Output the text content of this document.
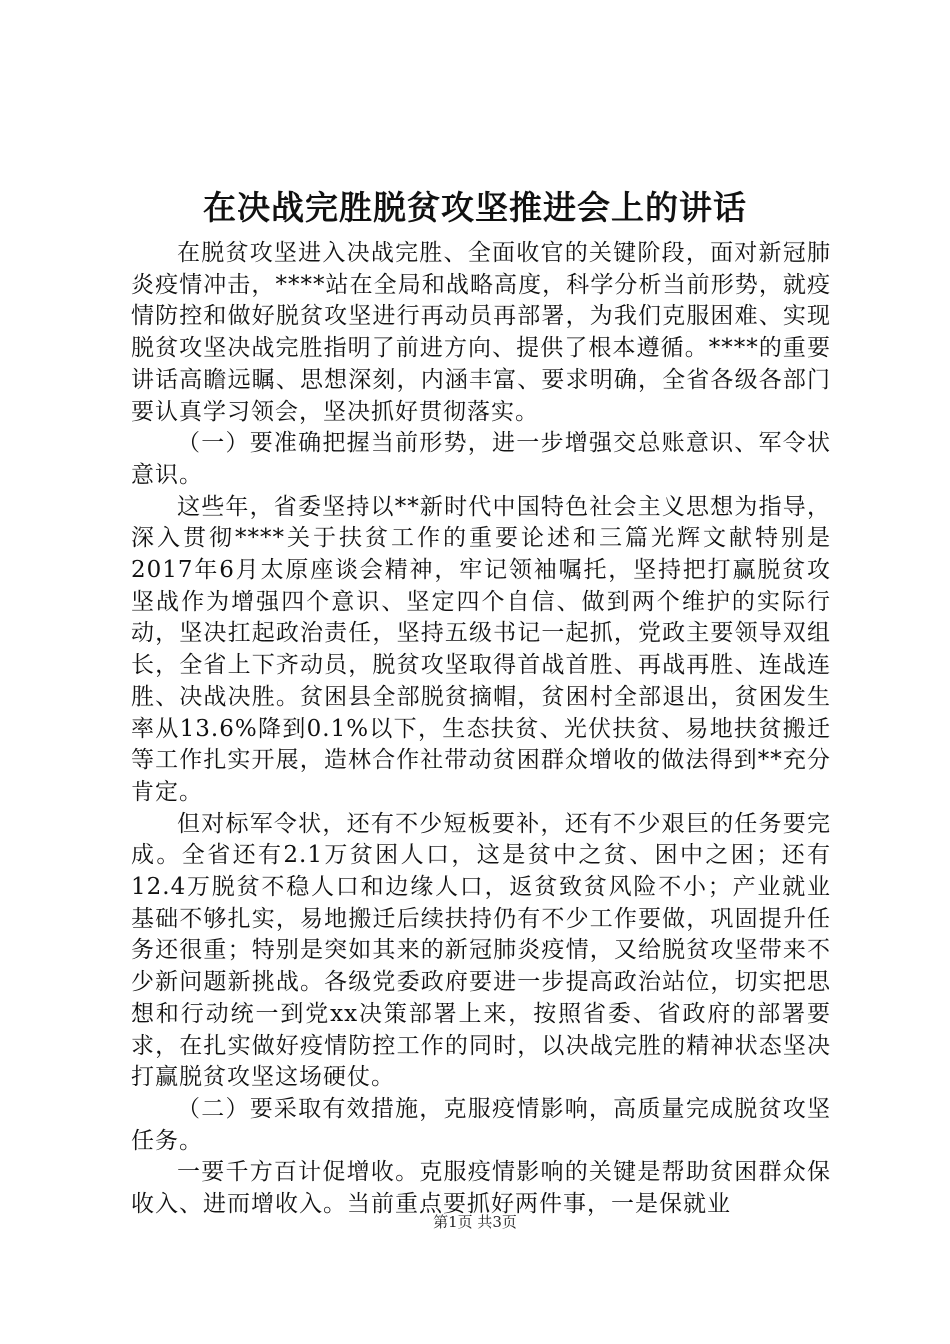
在决战完胜脱贫攻坚推进会上的讲话

在脱贫攻坚进入决战完胜、全面收官的关键阶段，面对新冠肺炎疫情冲击，****站在全局和战略高度，科学分析当前形势，就疫情防控和做好脱贫攻坚进行再动员再部署，为我们克服困难、实现脱贫攻坚决战完胜指明了前进方向、提供了根本遵循。****的重要讲话高瞻远瞩、思想深刻，内涵丰富、要求明确，全省各级各部门要认真学习领会，坚决抓好贯彻落实。

（一）要准确把握当前形势，进一步增强交总账意识、军令状意识。

这些年，省委坚持以**新时代中国特色社会主义思想为指导，深入贯彻****关于扶贫工作的重要论述和三篇光辉文献特别是2017年6月太原座谈会精神，牢记领袖嘱托，坚持把打赢脱贫攻坚战作为增强四个意识、坚定四个自信、做到两个维护的实际行动，坚决扛起政治责任，坚持五级书记一起抓，党政主要领导双组长，全省上下齐动员，脱贫攻坚取得首战首胜、再战再胜、连战连胜、决战决胜。贫困县全部脱贫摘帽，贫困村全部退出，贫困发生率从13.6%降到0.1%以下，生态扶贫、光伏扶贫、易地扶贫搬迁等工作扎实开展，造林合作社带动贫困群众增收的做法得到**充分肯定。

但对标军令状，还有不少短板要补，还有不少艰巨的任务要完成。全省还有2.1万贫困人口，这是贫中之贫、困中之困；还有12.4万脱贫不稳人口和边缘人口，返贫致贫风险不小；产业就业基础不够扎实，易地搬迁后续扶持仍有不少工作要做，巩固提升任务还很重；特别是突如其来的新冠肺炎疫情，又给脱贫攻坚带来不少新问题新挑战。各级党委政府要进一步提高政治站位，切实把思想和行动统一到党xx决策部署上来，按照省委、省政府的部署要求，在扎实做好疫情防控工作的同时，以决战完胜的精神状态坚决打赢脱贫攻坚这场硬仗。

（二）要采取有效措施，克服疫情影响，高质量完成脱贫攻坚任务。

一要千方百计促增收。克服疫情影响的关键是帮助贫困群众保收入、进而增收入。当前重点要抓好两件事，一是保就业

第1页 共3页
